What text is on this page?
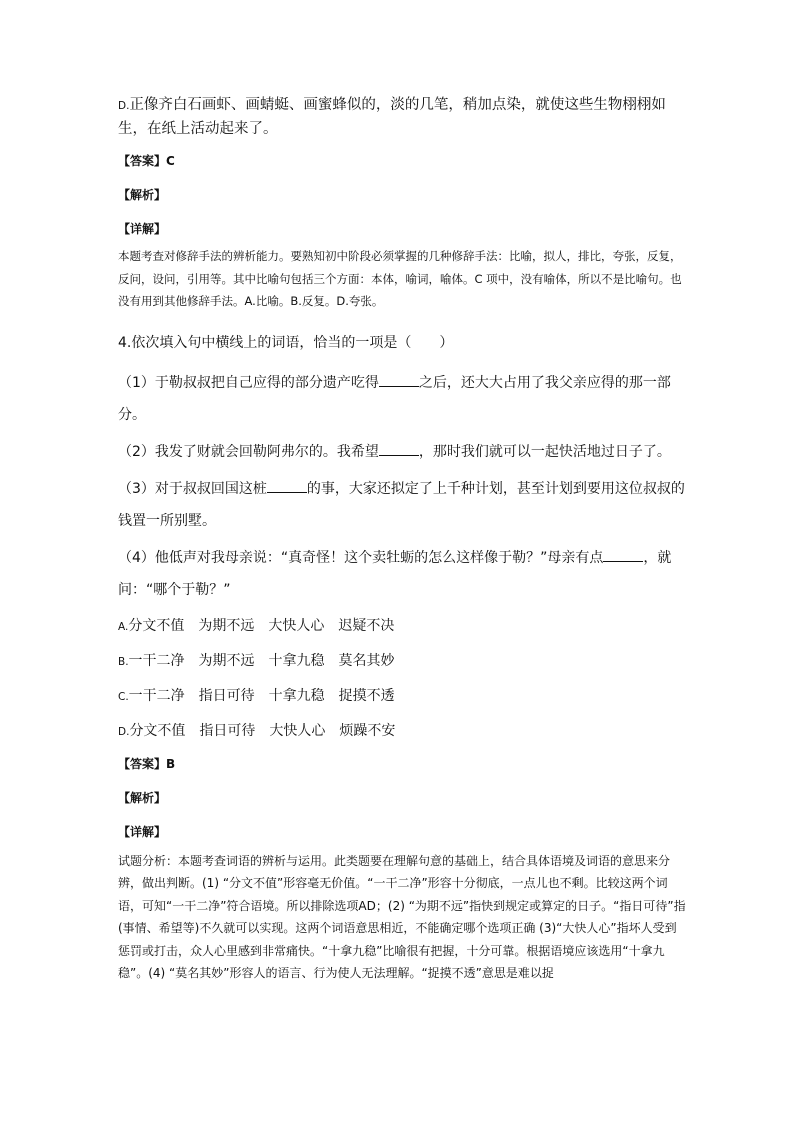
D.正像齐白石画虾、画蜻蜓、画蜜蜂似的，淡的几笔，稍加点染，就使这些生物栩栩如生，在纸上活动起来了。
【答案】C
【解析】
【详解】
本题考查对修辞手法的辨析能力。要熟知初中阶段必须掌握的几种修辞手法：比喻，拟人，排比，夸张，反复，反问，设问，引用等。其中比喻句包括三个方面：本体，喻词，喻体。C 项中，没有喻体，所以不是比喻句。也没有用到其他修辞手法。A.比喻。B.反复。D.夸张。
4.依次填入句中横线上的词语，恰当的一项是（　　）
（1）于勒叔叔把自己应得的部分遗产吃得	之后，还大大占用了我父亲应得的那一部分。
（2）我发了财就会回勒阿弗尔的。我希望	，那时我们就可以一起快活地过日子了。
（3）对于叔叔回国这桩	的事，大家还拟定了上千种计划，甚至计划到要用这位叔叔的钱置一所别墅。
（4）他低声对我母亲说：“真奇怪！这个卖牡蛎的怎么这样像于勒？”母亲有点	，就问：“哪个于勒？”
A.分文不值　为期不远　大快人心　迟疑不决
B.一干二净　为期不远　十拿九稳　莫名其妙
C.一干二净　指日可待　十拿九稳　捉摸不透
D.分文不值　指日可待　大快人心　烦躁不安
【答案】B
【解析】
【详解】
试题分析：本题考查词语的辨析与运用。此类题要在理解句意的基础上，结合具体语境及词语的意思来分辨，做出判断。(1) “分文不值”形容毫无价值。“一干二净”形容十分彻底，一点儿也不剩。比较这两个词语，可知“一干二净”符合语境。所以排除选项AD；(2) “为期不远”指快到规定或算定的日子。“指日可待”指(事情、希望等)不久就可以实现。这两个词语意思相近，不能确定哪个选项正确 (3)“大快人心”指坏人受到惩罚或打击，众人心里感到非常痛快。“十拿九稳”比喻很有把握，十分可靠。根据语境应该选用“十拿九稳”。(4) “莫名其妙”形容人的语言、行为使人无法理解。“捉摸不透”意思是难以捉
